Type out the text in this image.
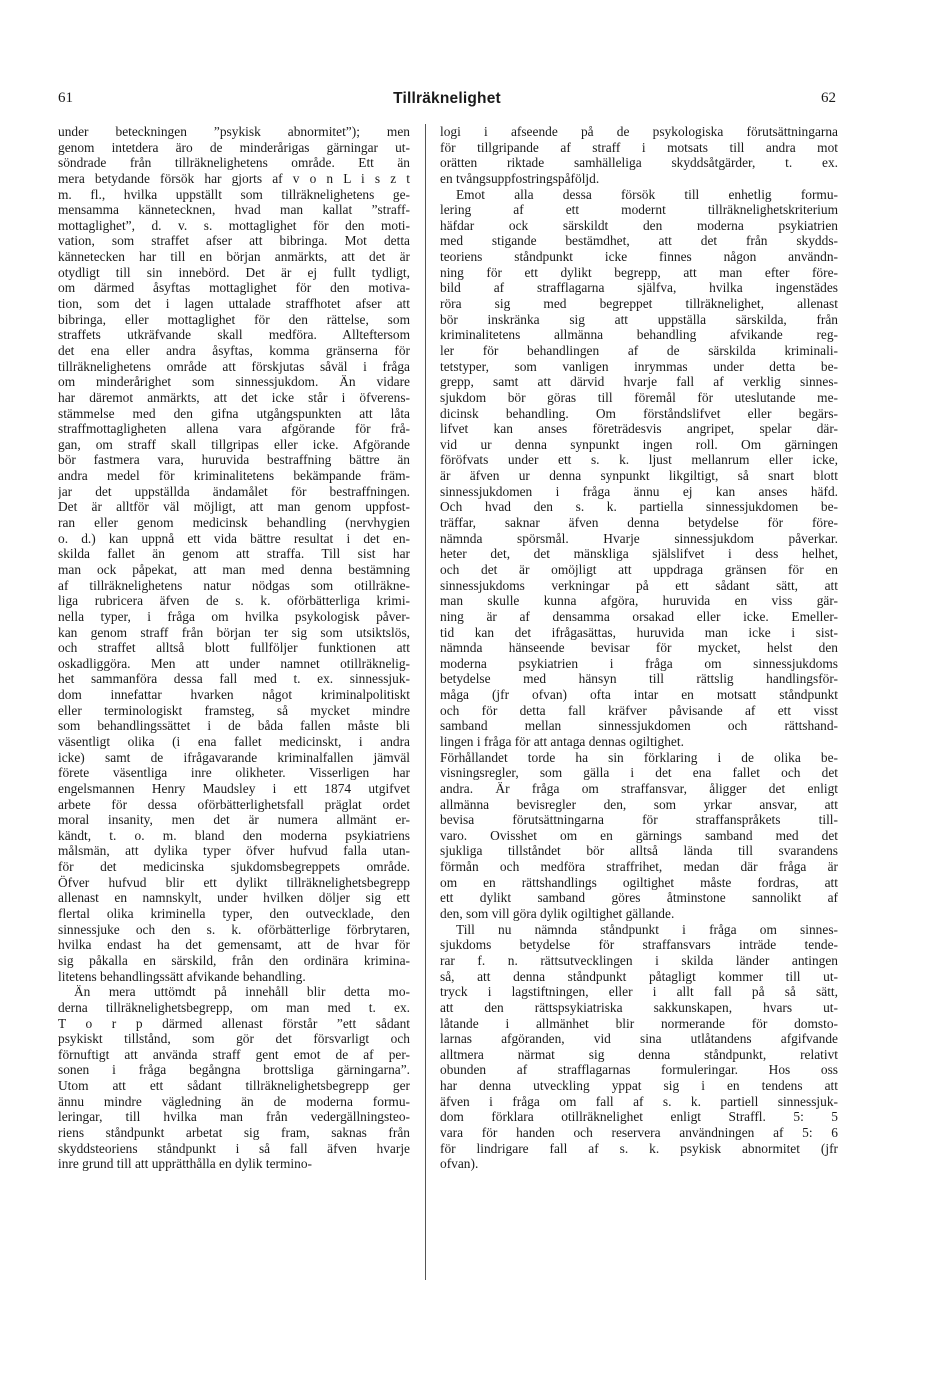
61	Tillräknelighet	62
under beteckningen ”psykisk abnormitet”); men
genom intetdera äro de minderårigas gärningar ut-
söndrade från tillräknelighetens område. Ett än
mera betydande försök har gjorts af v o n L i s z t
m. fl., hvilka uppställt som tillräknelighetens ge-
mensamma kännetecknen, hvad man kallat ”straff-
mottaglighet”, d. v. s. mottaglighet för den moti-
vation, som straffet afser att bibringa. Mot detta
kännetecken har till en början anmärkts, att det är
otydligt till sin innebörd. Det är ej fullt tydligt,
om därmed åsyftas mottaglighet för den motiva-
tion, som det i lagen uttalade straffhotet afser att
bibringa, eller mottaglighet för den rättelse, som
straffets utkräfvande skall medföra. Allteftersom
det ena eller andra åsyftas, komma gränserna för
tillräknelighetens område att förskjutas såväl i fråga
om minderårighet som sinnessjukdom. Än vidare
har däremot anmärkts, att det icke står i öfverens-
stämmelse med den gifna utgångspunkten att låta
straffmottagligheten allena vara afgörande för frå-
gan, om straff skall tillgripas eller icke. Afgörande
bör fastmera vara, huruvida bestraffning bättre än
andra medel för kriminalitetens bekämpande främ-
jar det uppställda ändamålet för bestraffningen.
Det är alltför väl möjligt, att man genom uppfost-
ran eller genom medicinsk behandling (nervhygien
o. d.) kan uppnå ett vida bättre resultat i det en-
skilda fallet än genom att straffa. Till sist har
man ock påpekat, att man med denna bestämning
af tillräknelighetens natur nödgas som otillräkne-
liga rubricera äfven de s. k. oförbätterliga krimi-
nella typer, i fråga om hvilka psykologisk påver-
kan genom straff från början ter sig som utsiktslös,
och straffet alltså blott fullföljer funktionen att
oskadliggöra. Men att under namnet otillräknelig-
het sammanföra dessa fall med t. ex. sinnessjuk-
dom innefattar hvarken något kriminalpolitiskt
eller terminologiskt framsteg, så mycket mindre
som behandlingssättet i de båda fallen måste bli
väsentligt olika (i ena fallet medicinskt, i andra
icke) samt de ifrågavarande kriminalfallen jämväl
förete väsentliga inre olikheter. Visserligen har
engelsmannen Henry Maudsley i ett 1874 utgifvet
arbete för dessa oförbätterlighetsfall präglat ordet
moral insanity, men det är numera allmänt er-
kändt, t. o. m. bland den moderna psykiatriens
målsmän, att dylika typer öfver hufvud falla utan-
för det medicinska sjukdomsbegreppets område.
Öfver hufvud blir ett dylikt tillräknelighetsbegrepp
allenast en namnskylt, under hvilken döljer sig ett
flertal olika kriminella typer, den outvecklade, den
sinnessjuke och den s. k. oförbätterlige förbrytaren,
hvilka endast ha det gemensamt, att de hvar för
sig påkalla en särskild, från den ordinära krimina-
litetens behandlingssätt afvikande behandling.
Än mera uttömdt på innehåll blir detta mo-
derna tillräknelighetsbegrepp, om man med t. ex.
T o r p därmed allenast förstår ”ett sådant
psykiskt tillstånd, som gör det försvarligt och
förnuftigt att använda straff gent emot de af per-
sonen i fråga begångna brottsliga gärningarna”.
Utom att ett sådant tillräknelighetsbegrepp ger
ännu mindre vägledning än de moderna formu-
leringar, till hvilka man från vedergällningsteo-
riens ståndpunkt arbetat sig fram, saknas från
skyddsteoriens ståndpunkt i så fall äfven hvarje
inre grund till att upprätthålla en dylik termino-
logi i afseende på de psykologiska förutsättningarna
för tillgripande af straff i motsats till andra mot
orätten riktade samhälleliga skyddsåtgärder, t. ex.
en tvångsuppfostringspåföljd.
Emot alla dessa försök till enhetlig formu-
lering af ett modernt tillräknelighetskriterium
häfdar ock särskildt den moderna psykiatrien
med stigande bestämdhet, att det från skydds-
teoriens ståndpunkt icke finnes någon användn-
ning för ett dylikt begrepp, att man efter före-
bild af strafflagarna själfva, hvilka ingenstädes
röra sig med begreppet tillräknelighet, allenast
bör inskränka sig att uppställa särskilda, från
kriminalitetens allmänna behandling afvikande reg-
ler för behandlingen af de särskilda kriminali-
tetstyper, som vanligen inrymmas under detta be-
grepp, samt att därvid hvarje fall af verklig sinnes-
sjukdom bör göras till föremål för uteslutande me-
dicinsk behandling. Om förståndslifvet eller begärs-
lifvet kan anses företrädesvis angripet, spelar där-
vid ur denna synpunkt ingen roll. Om gärningen
föröfvats under ett s. k. ljust mellanrum eller icke,
är äfven ur denna synpunkt likgiltigt, så snart blott
sinnessjukdomen i fråga ännu ej kan anses häfd.
Och hvad den s. k. partiella sinnessjukdomen be-
träffar, saknar äfven denna betydelse för före-
nämnda spörsmål. Hvarje sinnessjukdom påverkar.
heter det, det mänskliga själslifvet i dess helhet,
och det är omöjligt att uppdraga gränsen för en
sinnessjukdoms verkningar på ett sådant sätt, att
man skulle kunna afgöra, huruvida en viss gär-
ning är af densamma orsakad eller icke. Emeller-
tid kan det ifrågasättas, huruvida man icke i sist-
nämnda hänseende bevisar för mycket, helst den
moderna psykiatrien i fråga om sinnessjukdoms
betydelse med hänsyn till rättslig handlingsför-
måga (jfr ofvan) ofta intar en motsatt ståndpunkt
och för detta fall kräfver påvisande af ett visst
samband mellan sinnessjukdomen och rättshand-
lingen i fråga för att antaga dennas ogiltighet.
Förhållandet torde ha sin förklaring i de olika be-
visningsregler, som gälla i det ena fallet och det
andra. Är fråga om straffansvar, åligger det enligt
allmänna bevisregler den, som yrkar ansvar, att
bevisa förutsättningarna för straffanspråkets till-
varo. Ovisshet om en gärnings samband med det
sjukliga tillståndet bör alltså lända till svarandens
förmån och medföra straffrihet, medan där fråga är
om en rättshandlings ogiltighet måste fordras, att
ett dylikt samband göres åtminstone sannolikt af
den, som vill göra dylik ogiltighet gällande.
Till nu nämnda ståndpunkt i fråga om sinnes-
sjukdoms betydelse för straffansvars inträde tende-
rar f. n. rättsutvecklingen i skilda länder antingen
så, att denna ståndpunkt påtagligt kommer till ut-
tryck i lagstiftningen, eller i allt fall på så sätt,
att den rättspsykiatriska sakkunskapen, hvars ut-
låtande i allmänhet blir normerande för domsto-
larnas afgöranden, vid sina utlåtandens afgifvande
alltmera närmat sig denna ståndpunkt, relativt
obunden af strafflagarnas formuleringar. Hos oss
har denna utveckling yppat sig i en tendens att
äfven i fråga om fall af s. k. partiell sinnessjuk-
dom förklara otillräknelighet enligt Straffl. 5: 5
vara för handen och reservera användningen af 5: 6
för lindrigare fall af s. k. psykisk abnormitet (jfr
ofvan).
